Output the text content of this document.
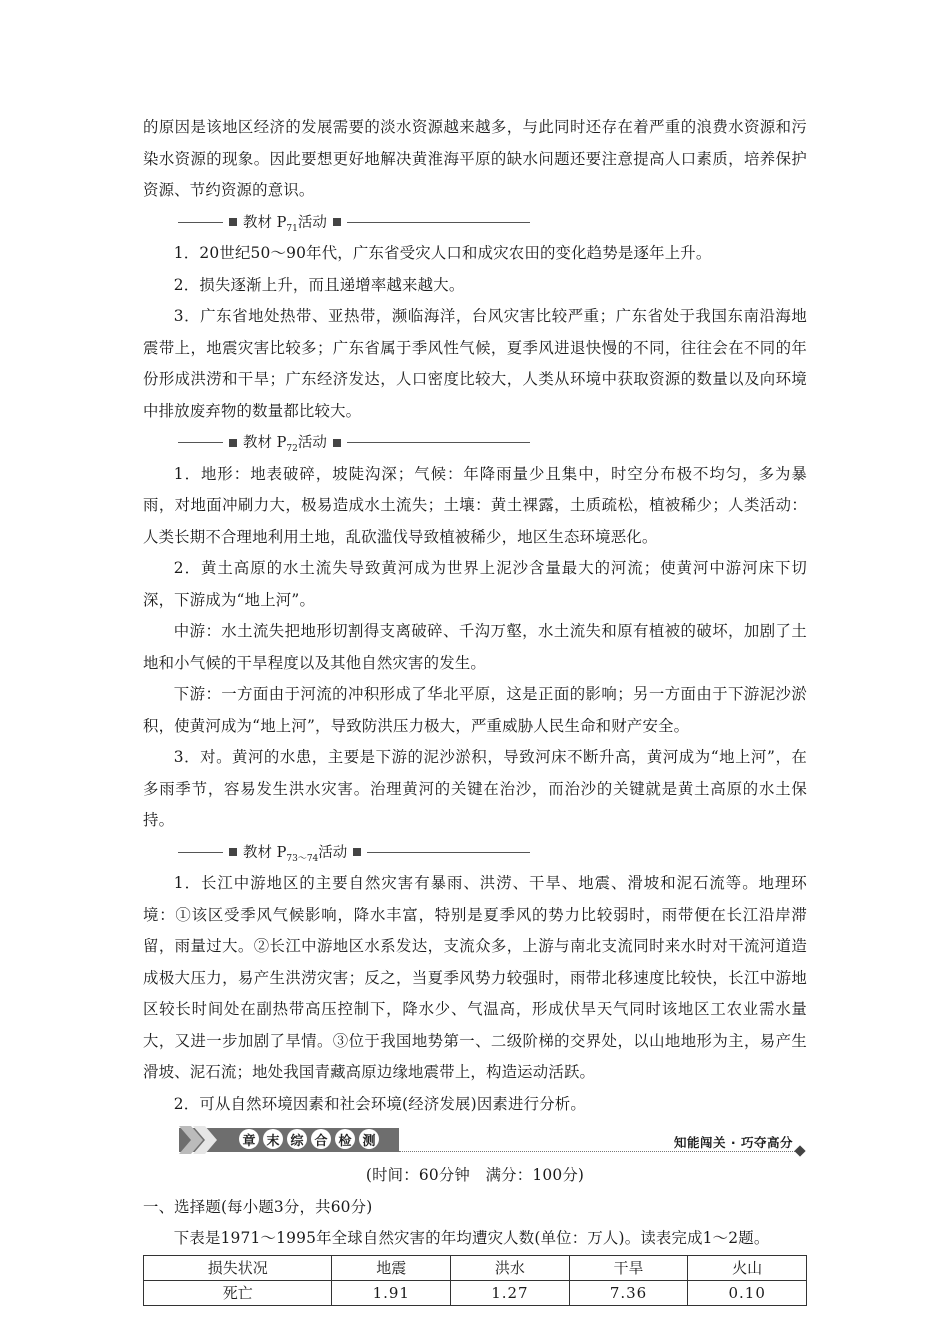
的原因是该地区经济的发展需要的淡水资源越来越多，与此同时还存在着严重的浪费水资源和污染水资源的现象。因此要想更好地解决黄淮海平原的缺水问题还要注意提高人口素质，培养保护资源、节约资源的意识。

教材 $P_{71}$活动

1．20世纪50～90年代，广东省受灾人口和成灾农田的变化趋势是逐年上升。

2．损失逐渐上升，而且递增率越来越大。

3．广东省地处热带、亚热带，濒临海洋，台风灾害比较严重；广东省处于我国东南沿海地震带上，地震灾害比较多；广东省属于季风性气候，夏季风进退快慢的不同，往往会在不同的年份形成洪涝和干旱；广东经济发达，人口密度比较大，人类从环境中获取资源的数量以及向环境中排放废弃物的数量都比较大。

教材 $P_{72}$活动

1．地形：地表破碎，坡陡沟深；气候：年降雨量少且集中，时空分布极不均匀，多为暴雨，对地面冲刷力大，极易造成水土流失；土壤：黄土裸露，土质疏松，植被稀少；人类活动：人类长期不合理地利用土地，乱砍滥伐导致植被稀少，地区生态环境恶化。

2．黄土高原的水土流失导致黄河成为世界上泥沙含量最大的河流；使黄河中游河床下切深，下游成为“地上河”。

中游：水土流失把地形切割得支离破碎、千沟万壑，水土流失和原有植被的破坏，加剧了土地和小气候的干旱程度以及其他自然灾害的发生。

下游：一方面由于河流的冲积形成了华北平原，这是正面的影响；另一方面由于下游泥沙淤积，使黄河成为“地上河”，导致防洪压力极大，严重威胁人民生命和财产安全。

3．对。黄河的水患，主要是下游的泥沙淤积，导致河床不断升高，黄河成为“地上河”，在多雨季节，容易发生洪水灾害。治理黄河的关键在治沙，而治沙的关键就是黄土高原的水土保持。

教材 $P_{73\sim 74}$活动

1．长江中游地区的主要自然灾害有暴雨、洪涝、干旱、地震、滑坡和泥石流等。地理环境：①该区受季风气候影响，降水丰富，特别是夏季风的势力比较弱时，雨带便在长江沿岸滞留，雨量过大。②长江中游地区水系发达，支流众多，上游与南北支流同时来水时对干流河道造成极大压力，易产生洪涝灾害；反之，当夏季风势力较强时，雨带北移速度比较快，长江中游地区较长时间处在副热带高压控制下，降水少、气温高，形成伏旱天气同时该地区工农业需水量大，又进一步加剧了旱情。③位于我国地势第一、二级阶梯的交界处，以山地地形为主，易产生滑坡、泥石流；地处我国青藏高原边缘地震带上，构造运动活跃。

2．可从自然环境因素和社会环境(经济发展)因素进行分析。

章 末 综 合 检 测	知能闯关 · 巧夺高分

(时间：60分钟　满分：100分)

一、选择题(每小题3分，共60分)

下表是1971～1995年全球自然灾害的年均遭灾人数(单位：万人)。读表完成1～2题。

损失状况	地震	洪水	干旱	火山
死亡	1.91	1.27	7.36	0.10
